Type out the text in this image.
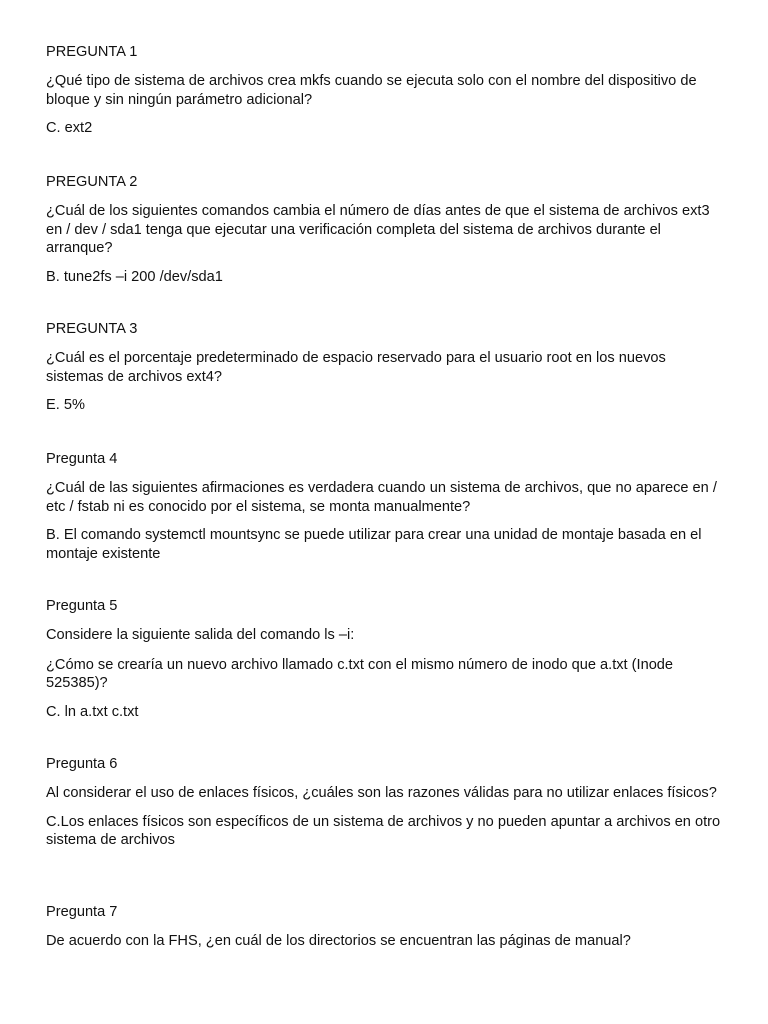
PREGUNTA 1

¿Qué tipo de sistema de archivos crea mkfs cuando se ejecuta solo con el nombre del dispositivo de bloque y sin ningún parámetro adicional?

C. ext2

PREGUNTA 2

¿Cuál de los siguientes comandos cambia el número de días antes de que el sistema de archivos ext3 en / dev / sda1 tenga que ejecutar una verificación completa del sistema de archivos durante el arranque?

B. tune2fs –i 200 /dev/sda1

PREGUNTA 3

¿Cuál es el porcentaje predeterminado de espacio reservado para el usuario root en los nuevos sistemas de archivos ext4?

E. 5%

Pregunta 4

¿Cuál de las siguientes afirmaciones es verdadera cuando un sistema de archivos, que no aparece en / etc / fstab ni es conocido por el sistema, se monta manualmente?

B. El comando systemctl mountsync se puede utilizar para crear una unidad de montaje basada en el montaje existente

Pregunta 5

Considere la siguiente salida del comando ls –i:

¿Cómo se crearía un nuevo archivo llamado c.txt con el mismo número de inodo que a.txt (Inode 525385)?

C. ln a.txt c.txt

Pregunta 6

Al considerar el uso de enlaces físicos, ¿cuáles son las razones válidas para no utilizar enlaces físicos?

C.Los enlaces físicos son específicos de un sistema de archivos y no pueden apuntar a archivos en otro sistema de archivos

Pregunta 7

De acuerdo con la FHS, ¿en cuál de los directorios se encuentran las páginas de manual?
